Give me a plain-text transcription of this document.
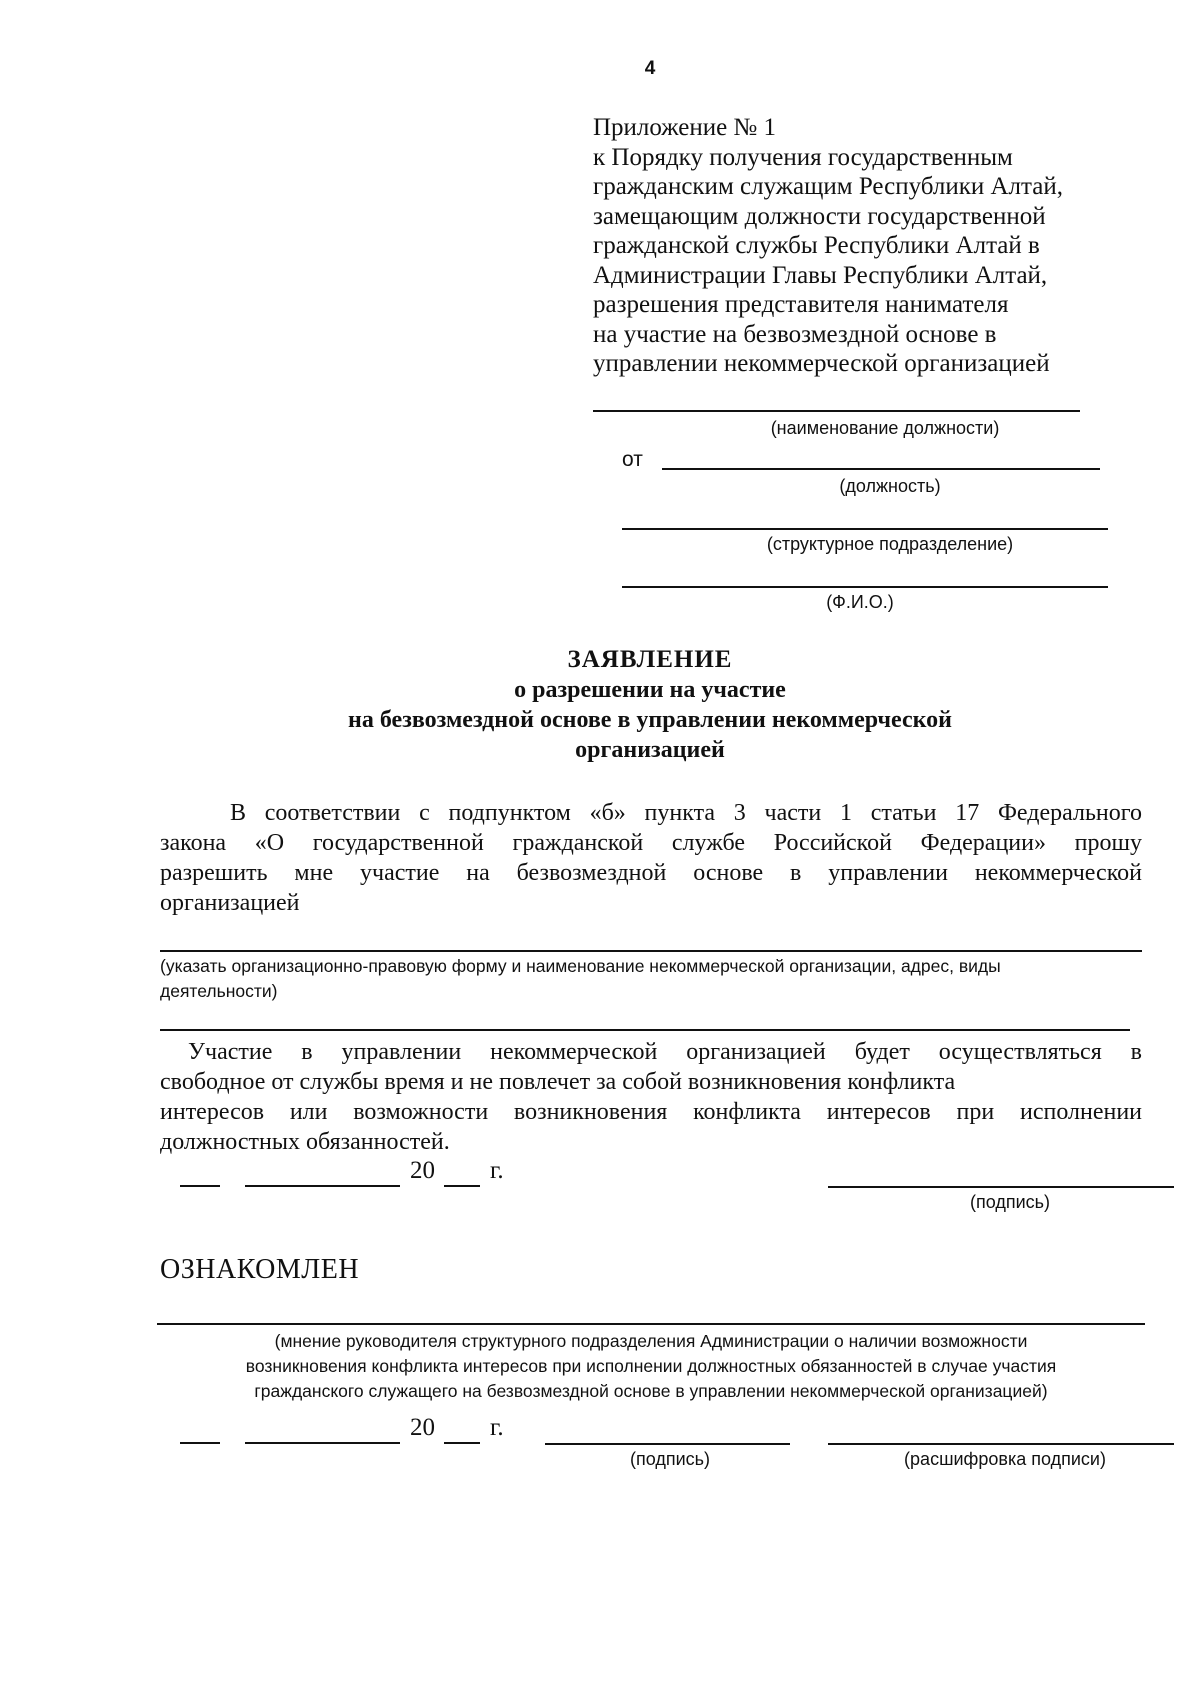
4
Приложение № 1
к Порядку получения государственным
гражданским служащим Республики Алтай,
замещающим должности государственной
гражданской службы Республики Алтай в
Администрации Главы Республики Алтай,
разрешения представителя нанимателя
на участие на безвозмездной основе в
управлении некоммерческой организацией
(наименование должности)
от
(должность)
(структурное подразделение)
(Ф.И.О.)
ЗАЯВЛЕНИЕ
о разрешении на участие
на безвозмездной основе в управлении некоммерческой
организацией
В соответствии с подпунктом «б» пункта 3 части 1 статьи 17 Федерального
закона «О государственной гражданской службе Российской Федерации» прошу
разрешить мне участие на безвозмездной основе в управлении некоммерческой
организацией
(указать организационно-правовую форму и наименование некоммерческой организации, адрес, виды
деятельности)
Участие в управлении некоммерческой организацией будет осуществляться в
свободное от службы время и не повлечет за собой возникновения конфликта
интересов или возможности возникновения конфликта интересов при исполнении
должностных обязанностей.
20 г.
(подпись)
ОЗНАКОМЛЕН
(мнение руководителя структурного подразделения Администрации о наличии возможности
возникновения конфликта интересов при исполнении должностных обязанностей в случае участия
гражданского служащего на безвозмездной основе в управлении некоммерческой организацией)
20 г.
(подпись)	(расшифровка подписи)
